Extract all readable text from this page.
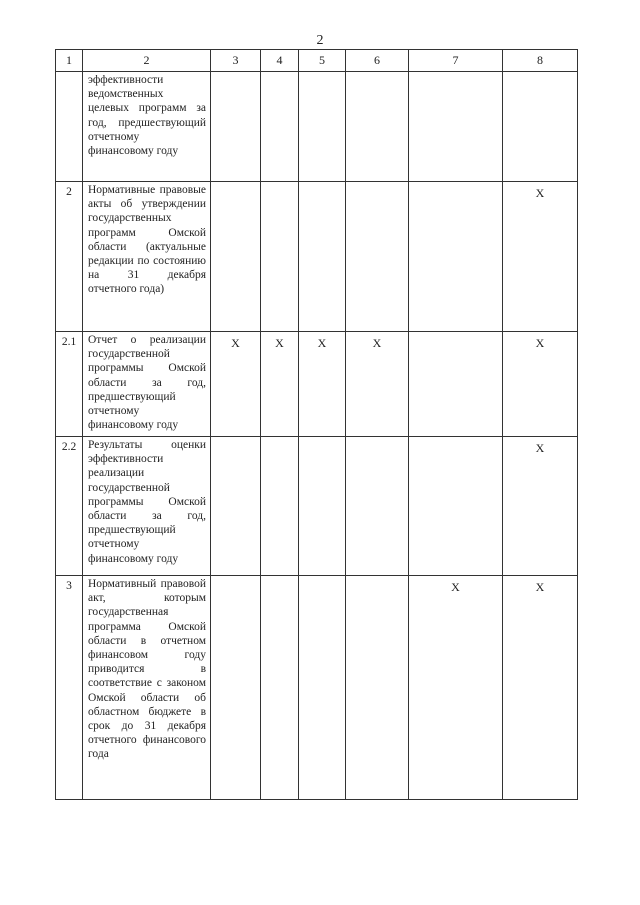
2
1	2	3	4	5	6	7	8
	эффективности ведомственных целевых программ за год, предшествующий отчетному финансовому году						
2	Нормативные правовые акты об утверждении государственных программ Омской области (актуальные редакции по состоянию на 31 декабря отчетного года)						X
2.1	Отчет о реализации государственной программы Омской области за год, предшествующий отчетному финансовому году	X	X	X	X		X
2.2	Результаты оценки эффективности реализации государственной программы Омской области за год, предшествующий отчетному финансовому году						X
3	Нормативный правовой акт, которым государственная программа Омской области в отчетном финансовом году приводится в соответствие с законом Омской области об областном бюджете в срок до 31 декабря отчетного финансового года					X	X
